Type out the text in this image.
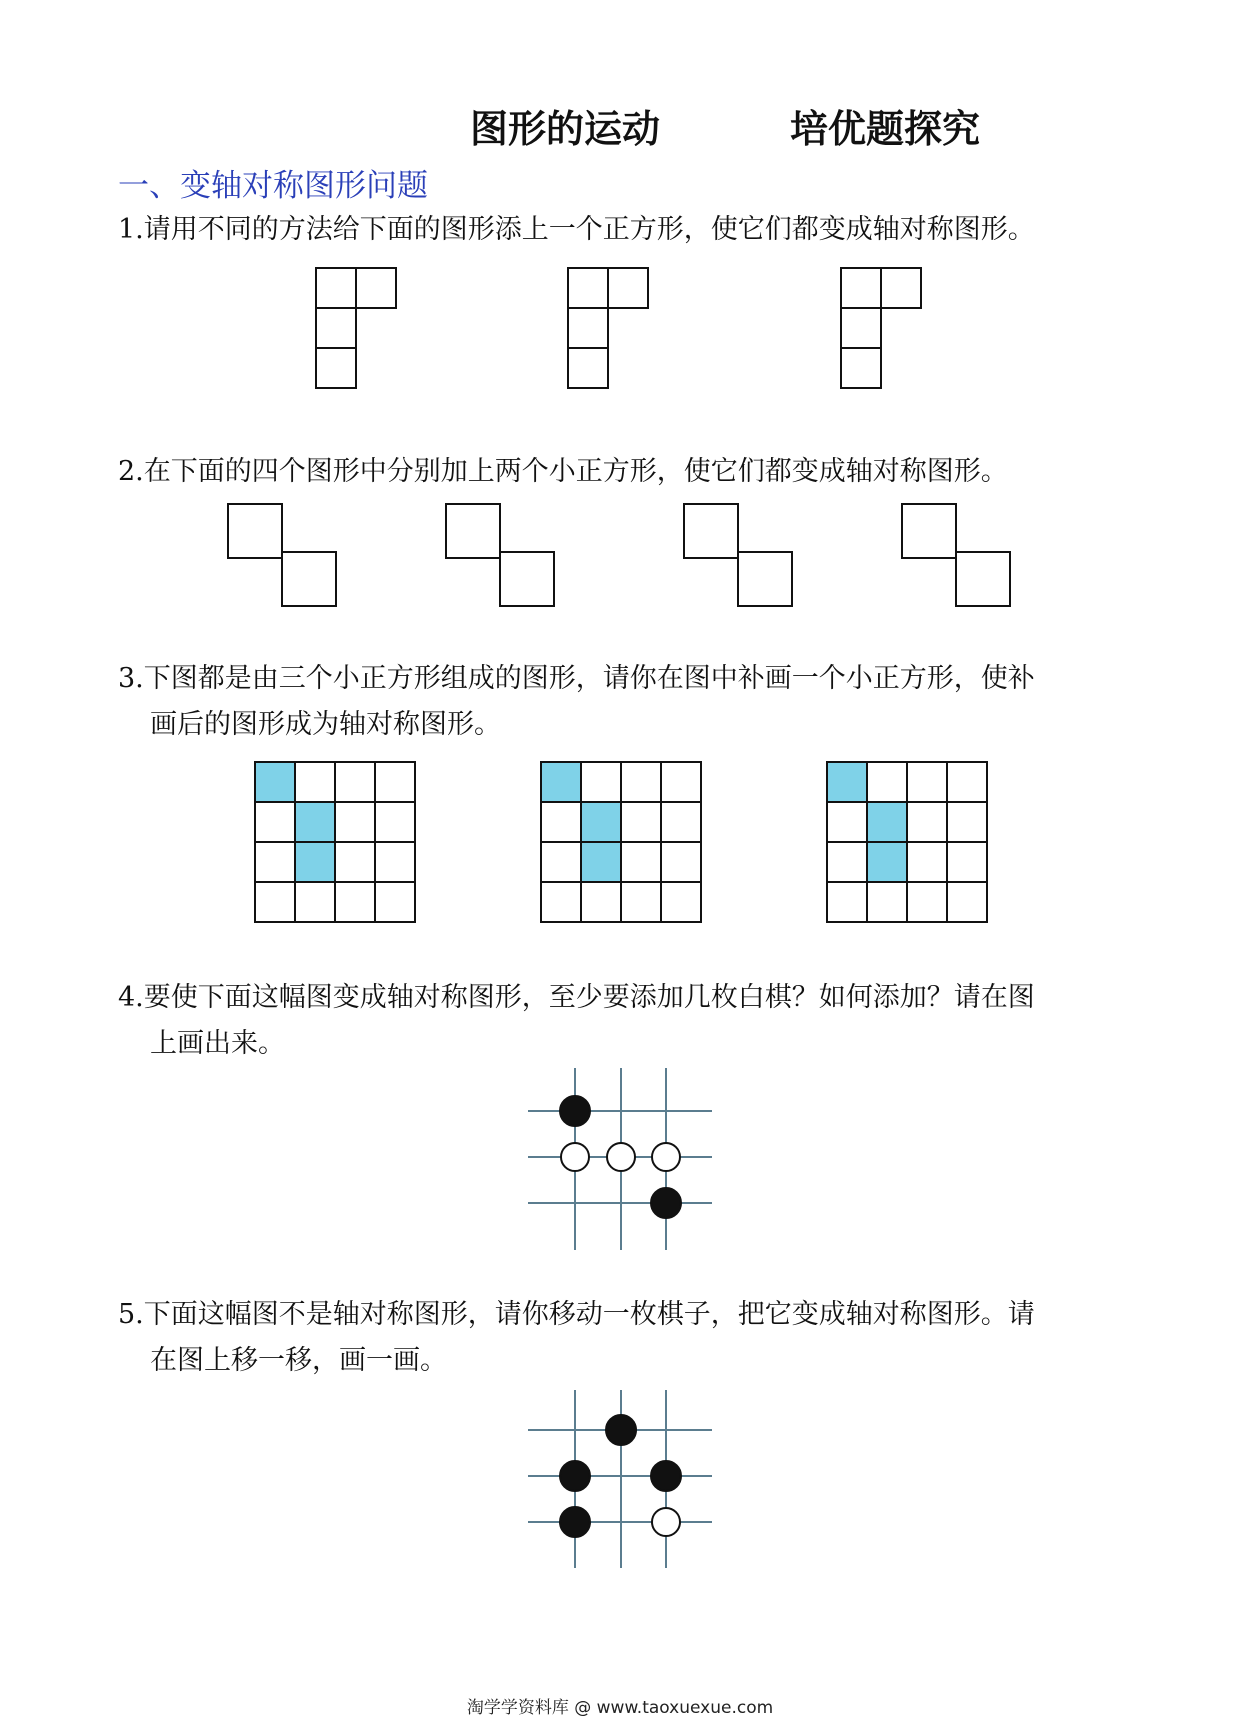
图形的运动	培优题探究
一、变轴对称图形问题
1.请用不同的方法给下面的图形添上一个正方形，使它们都变成轴对称图形。
2.在下面的四个图形中分别加上两个小正方形，使它们都变成轴对称图形。
3.下图都是由三个小正方形组成的图形，请你在图中补画一个小正方形，使补
画后的图形成为轴对称图形。
4.要使下面这幅图变成轴对称图形，至少要添加几枚白棋？如何添加？请在图
上画出来。
5.下面这幅图不是轴对称图形，请你移动一枚棋子，把它变成轴对称图形。请
在图上移一移，画一画。
淘学学资料库 @ www.taoxuexue.com
